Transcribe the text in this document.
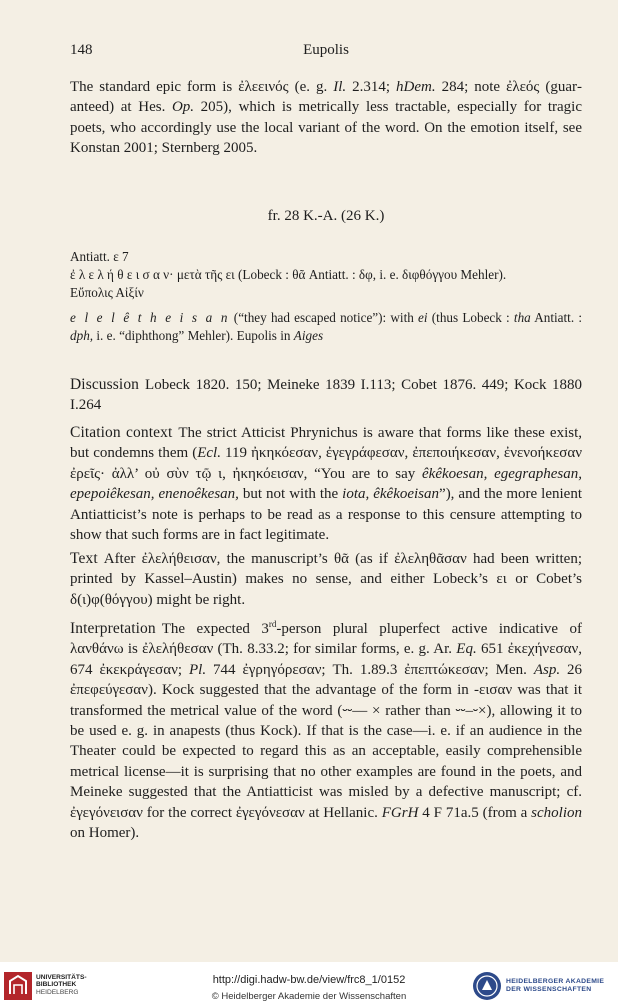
148	Eupolis

The standard epic form is ἐλεεινός (e. g. Il. 2.314; hDem. 284; note ἐλεός (guaranteed) at Hes. Op. 205), which is metrically less tractable, especially for tragic poets, who accordingly use the local variant of the word. On the emotion itself, see Konstan 2001; Sternberg 2005.

fr. 28 K.-A. (26 K.)
Antiatt. ε 7
ἐ λ ε λ ή θ ε ι σ α ν· μετὰ τῆς ει (Lobeck : θᾶ Antiatt. : δφ, i. e. διφθόγγου Mehler).
Εὔπολις Αἰξίν

e l e l ê t h e i s a n (“they had escaped notice”): with ei (thus Lobeck : tha Antiatt. : dph, i. e. “diphthong” Mehler). Eupolis in Aiges

Discussion Lobeck 1820. 150; Meineke 1839 I.113; Cobet 1876. 449; Kock 1880 I.264

Citation context The strict Atticist Phrynichus is aware that forms like these exist, but condemns them (Ecl. 119 ἠκηκόεσαν, ἐγεγράφεσαν, ἐπεποιήκεσαν, ἐνενοήκεσαν ἐρεῖς· ἀλλ’ οὐ σὺν τῷ ι, ἠκηκόεισαν, “You are to say êkêkoesan, egegraphesan, epepoiêkesan, enenoêkesan, but not with the iota, êkêkoeisan”), and the more lenient Antiatticist’s note is perhaps to be read as a response to this censure attempting to show that such forms are in fact legitimate.

Text After ἐλελήθεισαν, the manuscript’s θᾶ (as if ἐλεληθᾶσαν had been written; printed by Kassel–Austin) makes no sense, and either Lobeck’s ει or Cobet’s δ(ι)φ(θόγγου) might be right.

Interpretation The expected 3rd-person plural pluperfect active indicative of λανθάνω is ἐλελήθεσαν (Th. 8.33.2; for similar forms, e. g. Ar. Eq. 651 ἐκεχήνεσαν, 674 ἐκεκράγεσαν; Pl. 744 ἐγρηγόρεσαν; Th. 1.89.3 ἐπεπτώκεσαν; Men. Asp. 26 ἐπεφεύγεσαν). Kock suggested that the advantage of the form in -εισαν was that it transformed the metrical value of the word (⏑⏑–– × rather than ⏑⏑–⏑×), allowing it to be used e. g. in anapests (thus Kock). If that is the case—i. e. if an audience in the Theater could be expected to regard this as an acceptable, easily comprehensible metrical license—it is surprising that no other examples are found in the poets, and Meineke suggested that the Antiatticist was misled by a defective manuscript; cf. ἐγεγόνεισαν for the correct ἐγεγόνεσαν at Hellanic. FGrH 4 F 71a.5 (from a scholion on Homer).

UNIVERSITÄTS-
BIBLIOTHEK
HEIDELBERG
http://digi.hadw-bw.de/view/frc8_1/0152
© Heidelberger Akademie der Wissenschaften
HEIDELBERGER AKADEMIE
DER WISSENSCHAFTEN
